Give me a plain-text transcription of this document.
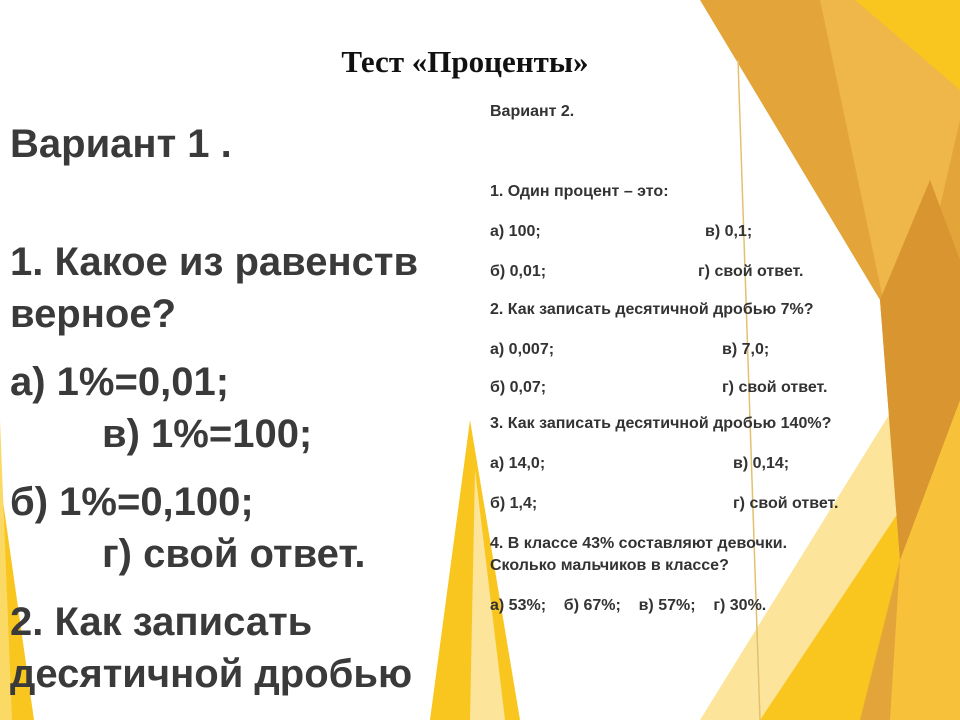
Тест «Проценты»
Вариант 1 .

1. Какое из равенств
верное?
а) 1%=0,01;
в) 1%=100;
б) 1%=0,100;
г) свой ответ.
2. Как записать
десятичной дробью
Вариант 2.
1. Один процент – это:
а) 100;	в) 0,1;
б) 0,01;	г) свой ответ.
2. Как записать десятичной дробью 7%?
а) 0,007;	в) 7,0;
б) 0,07;	г) свой ответ.
3. Как записать десятичной дробью 140%?
а) 14,0;	в) 0,14;
б) 1,4;	г) свой ответ.
4. В классе 43% составляют девочки.
Сколько мальчиков в классе?
а) 53%;    б) 67%;    в) 57%;    г) 30%.
